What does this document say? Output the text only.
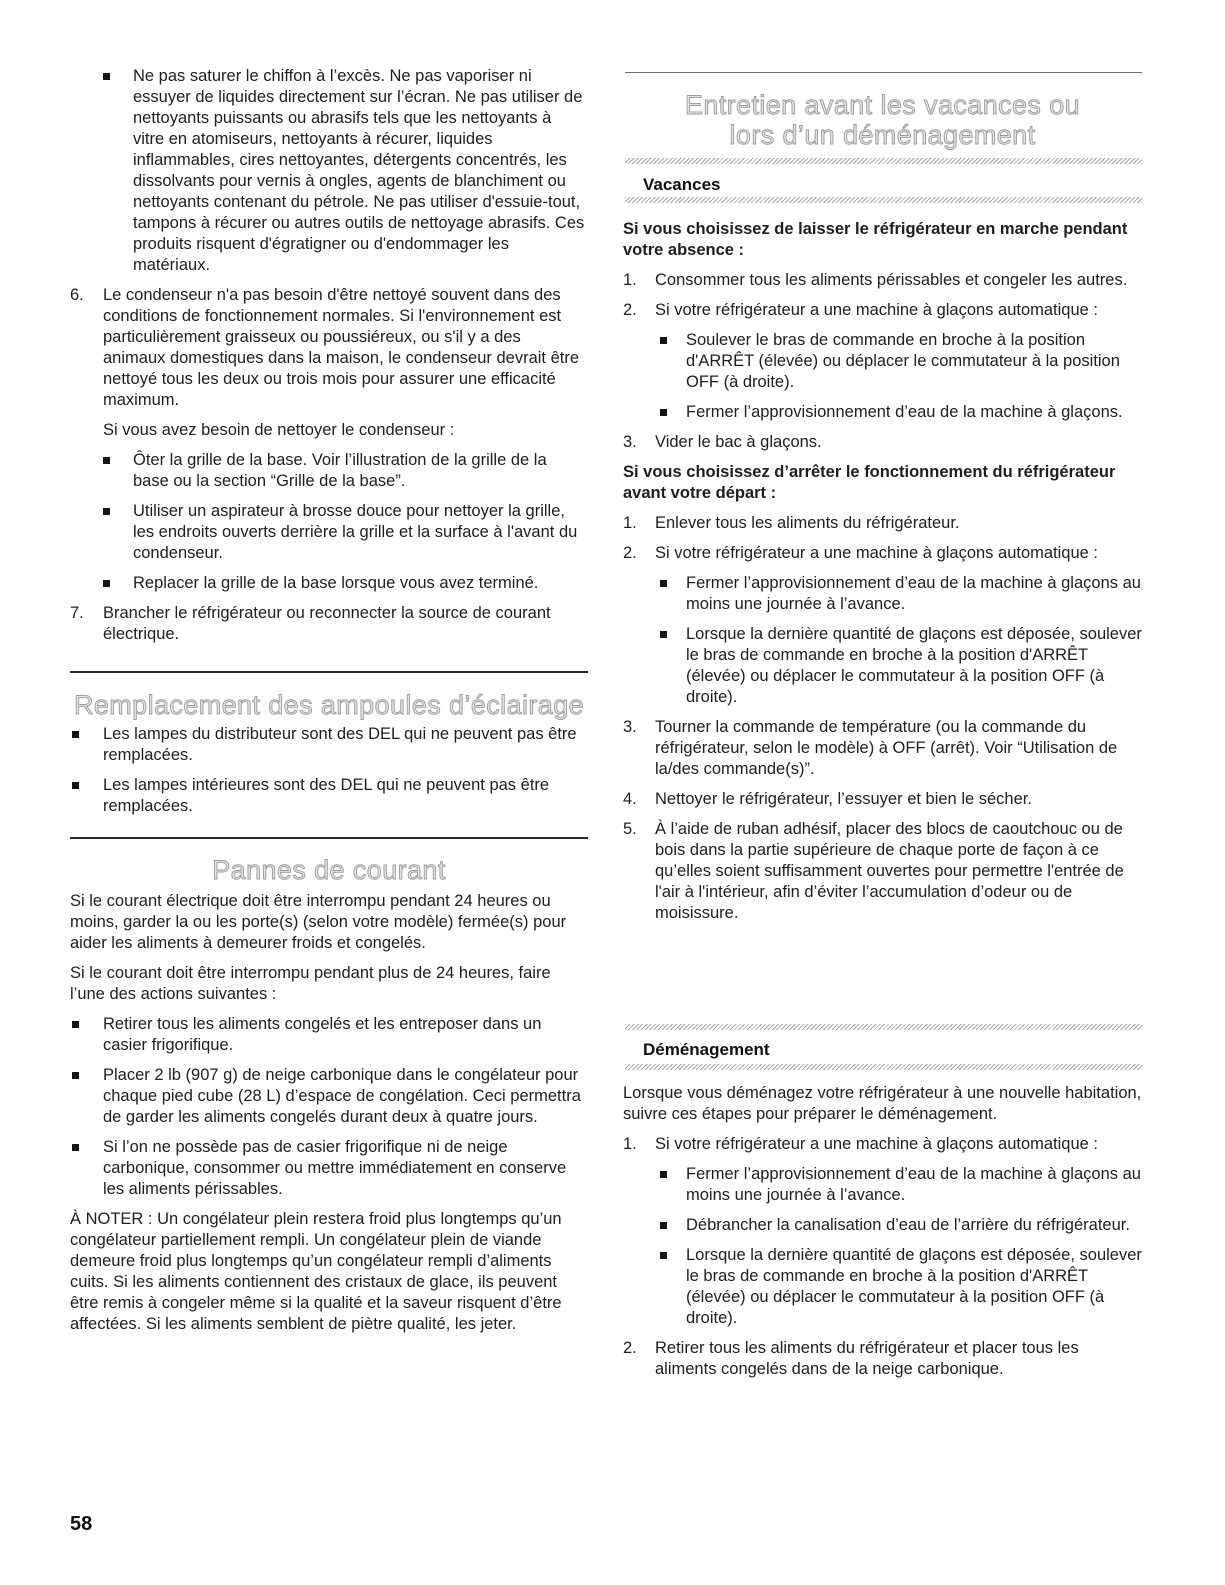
Ne pas saturer le chiffon à l’excès. Ne pas vaporiser ni essuyer de liquides directement sur l’écran. Ne pas utiliser de nettoyants puissants ou abrasifs tels que les nettoyants à vitre en atomiseurs, nettoyants à récurer, liquides inflammables, cires nettoyantes, détergents concentrés, les dissolvants pour vernis à ongles, agents de blanchiment ou nettoyants contenant du pétrole. Ne pas utiliser d'essuie-tout, tampons à récurer ou autres outils de nettoyage abrasifs. Ces produits risquent d'égratigner ou d'endommager les matériaux.
6. Le condenseur n'a pas besoin d'être nettoyé souvent dans des conditions de fonctionnement normales. Si l'environnement est particulièrement graisseux ou poussiéreux, ou s'il y a des animaux domestiques dans la maison, le condenseur devrait être nettoyé tous les deux ou trois mois pour assurer une efficacité maximum.

Si vous avez besoin de nettoyer le condenseur :

Ôter la grille de la base. Voir l’illustration de la grille de la base ou la section “Grille de la base”.
Utiliser un aspirateur à brosse douce pour nettoyer la grille, les endroits ouverts derrière la grille et la surface à l'avant du condenseur.
Replacer la grille de la base lorsque vous avez terminé.
7. Brancher le réfrigérateur ou reconnecter la source de courant électrique.
Remplacement des ampoules d’éclairage
Les lampes du distributeur sont des DEL qui ne peuvent pas être remplacées.
Les lampes intérieures sont des DEL qui ne peuvent pas être remplacées.
Pannes de courant

Si le courant électrique doit être interrompu pendant 24 heures ou moins, garder la ou les porte(s) (selon votre modèle) fermée(s) pour aider les aliments à demeurer froids et congelés.

Si le courant doit être interrompu pendant plus de 24 heures, faire l’une des actions suivantes :

Retirer tous les aliments congelés et les entreposer dans un casier frigorifique.
Placer 2 lb (907 g) de neige carbonique dans le congélateur pour chaque pied cube (28 L) d’espace de congélation. Ceci permettra de garder les aliments congelés durant deux à quatre jours.
Si l’on ne possède pas de casier frigorifique ni de neige carbonique, consommer ou mettre immédiatement en conserve les aliments périssables.

À NOTER : Un congélateur plein restera froid plus longtemps qu’un congélateur partiellement rempli. Un congélateur plein de viande demeure froid plus longtemps qu’un congélateur rempli d’aliments cuits. Si les aliments contiennent des cristaux de glace, ils peuvent être remis à congeler même si la qualité et la saveur risquent d’être affectées. Si les aliments semblent de piètre qualité, les jeter.

Entretien avant les vacances ou
lors d’un déménagement
Vacances

Si vous choisissez de laisser le réfrigérateur en marche pendant votre absence :

1. Consommer tous les aliments périssables et congeler les autres.
2. Si votre réfrigérateur a une machine à glaçons automatique :

Soulever le bras de commande en broche à la position d'ARRÊT (élevée) ou déplacer le commutateur à la position OFF (à droite).
Fermer l’approvisionnement d’eau de la machine à glaçons.
3. Vider le bac à glaçons.

Si vous choisissez d’arrêter le fonctionnement du réfrigérateur avant votre départ :

1. Enlever tous les aliments du réfrigérateur.
2. Si votre réfrigérateur a une machine à glaçons automatique :

Fermer l’approvisionnement d’eau de la machine à glaçons au moins une journée à l’avance.
Lorsque la dernière quantité de glaçons est déposée, soulever le bras de commande en broche à la position d'ARRÊT (élevée) ou déplacer le commutateur à la position OFF (à droite).
3. Tourner la commande de température (ou la commande du réfrigérateur, selon le modèle) à OFF (arrêt). Voir “Utilisation de la/des commande(s)”.
4. Nettoyer le réfrigérateur, l’essuyer et bien le sécher.
5. À l’aide de ruban adhésif, placer des blocs de caoutchouc ou de bois dans la partie supérieure de chaque porte de façon à ce qu’elles soient suffisamment ouvertes pour permettre l'entrée de l'air à l'intérieur, afin d’éviter l’accumulation d’odeur ou de moisissure.
Déménagement

Lorsque vous déménagez votre réfrigérateur à une nouvelle habitation, suivre ces étapes pour préparer le déménagement.

1. Si votre réfrigérateur a une machine à glaçons automatique :

Fermer l’approvisionnement d’eau de la machine à glaçons au moins une journée à l’avance.
Débrancher la canalisation d’eau de l’arrière du réfrigérateur.
Lorsque la dernière quantité de glaçons est déposée, soulever le bras de commande en broche à la position d'ARRÊT (élevée) ou déplacer le commutateur à la position OFF (à droite).
2. Retirer tous les aliments du réfrigérateur et placer tous les aliments congelés dans de la neige carbonique.
58
